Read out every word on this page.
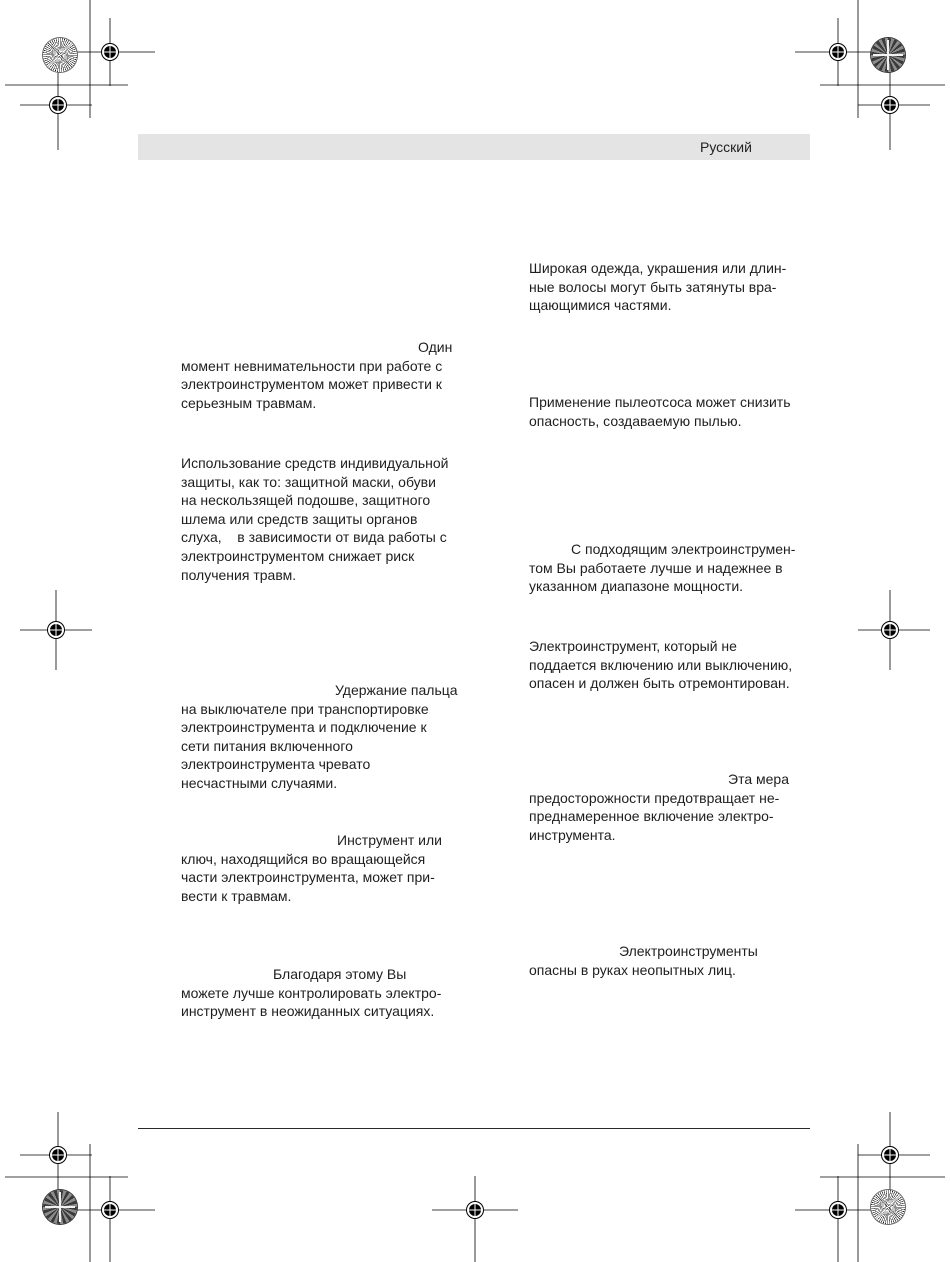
Русский
Один
момент невнимательности при работе с
электроинструментом может привести к
серьезным травмам.
Использование средств индивидуальной
защиты, как то: защитной маски, обуви
на нескользящей подошве, защитного
шлема или средств защиты органов
слуха,    в зависимости от вида работы с
электроинструментом снижает риск
получения травм.
Удержание пальца
на выключателе при транспортировке
электроинструмента и подключение к
сети питания включенного
электроинструмента чревато
несчастными случаями.
Инструмент или
ключ, находящийся во вращающейся
части электроинструмента, может при-
вести к травмам.
Благодаря этому Вы
можете лучше контролировать электро-
инструмент в неожиданных ситуациях.
Широкая одежда, украшения или длин-
ные волосы могут быть затянуты вра-
щающимися частями.
Применение пылеотсоса может снизить
опасность, создаваемую пылью.
С подходящим электроинструмен-
том Вы работаете лучше и надежнее в
указанном диапазоне мощности.
Электроинструмент, который не
поддается включению или выключению,
опасен и должен быть отремонтирован.
Эта мера
предосторожности предотвращает не-
преднамеренное включение электро-
инструмента.
Электроинструменты
опасны в руках неопытных лиц.
